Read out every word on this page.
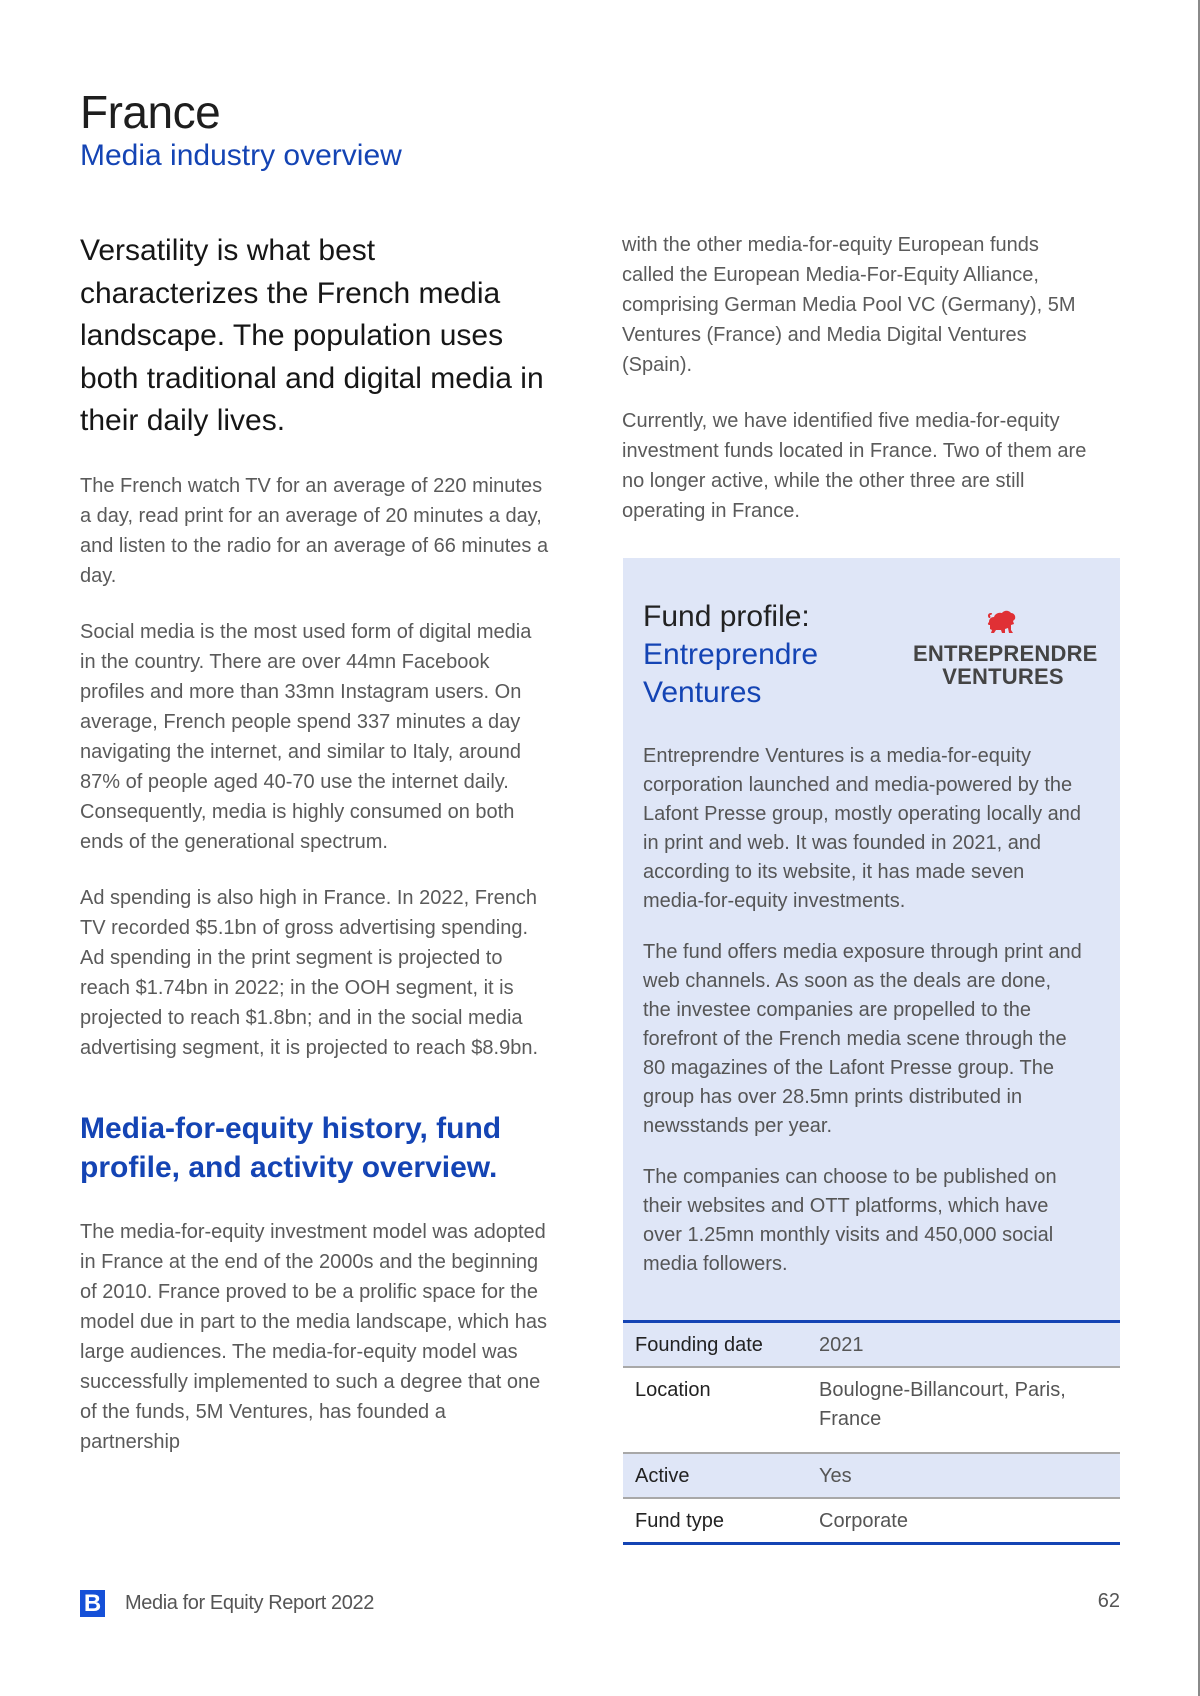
France
Media industry overview

Versatility is what best characterizes the French media landscape. The population uses both traditional and digital media in their daily lives.

The French watch TV for an average of 220 minutes a day, read print for an average of 20 minutes a day, and listen to the radio for an average of 66 minutes a day.

Social media is the most used form of digital media in the country. There are over 44mn Facebook profiles and more than 33mn Instagram users. On average, French people spend 337 minutes a day navigating the internet, and similar to Italy, around 87% of people aged 40-70 use the internet daily. Consequently, media is highly consumed on both ends of the generational spectrum.

Ad spending is also high in France. In 2022, French TV recorded $5.1bn of gross advertising spending. Ad spending in the print segment is projected to reach $1.74bn in 2022; in the OOH segment, it is projected to reach $1.8bn; and in the social media advertising segment, it is projected to reach $8.9bn.

Media-for-equity history, fund profile, and activity overview.

The media-for-equity investment model was adopted in France at the end of the 2000s and the beginning of 2010. France proved to be a prolific space for the model due in part to the media landscape, which has large audiences. The media-for-equity model was successfully implemented to such a degree that one of the funds, 5M Ventures, has founded a partnership

with the other media-for-equity European funds called the European Media-For-Equity Alliance, comprising German Media Pool VC (Germany), 5M Ventures (France) and Media Digital Ventures (Spain).

Currently, we have identified five media-for-equity investment funds located in France. Two of them are no longer active, while the other three are still operating in France.

Fund profile:
Entreprendre Ventures
ENTREPRENDRE
VENTURES

Entreprendre Ventures is a media-for-equity corporation launched and media-powered by the Lafont Presse group, mostly operating locally and in print and web. It was founded in 2021, and according to its website, it has made seven media-for-equity investments.

The fund offers media exposure through print and web channels. As soon as the deals are done, the investee companies are propelled to the forefront of the French media scene through the 80 magazines of the Lafont Presse group. The group has over 28.5mn prints distributed in newsstands per year.

The companies can choose to be published on their websites and OTT platforms, which have over 1.25mn monthly visits and 450,000 social media followers.

Founding date	2021
Location	Boulogne-Billancourt, Paris, France
Active	Yes
Fund type	Corporate
B Media for Equity Report 2022	62
